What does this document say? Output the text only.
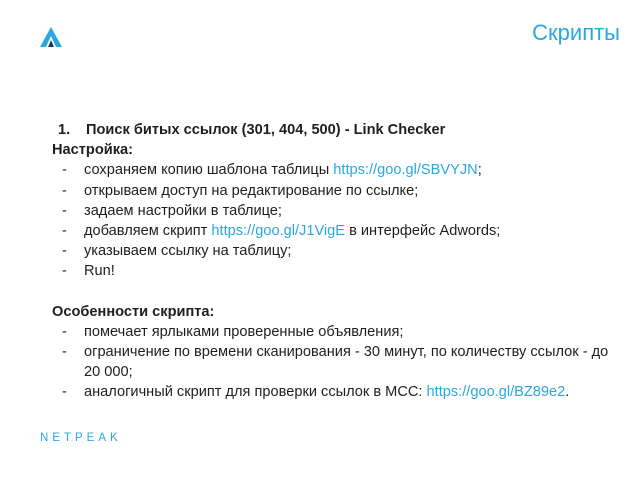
Скрипты
1. Поиск битых ссылок (301, 404, 500) - Link Checker
Настройка:
- сохраняем копию шаблона таблицы https://goo.gl/SBVYJN;
- открываем доступ на редактирование по ссылке;
- задаем настройки в таблице;
- добавляем скрипт https://goo.gl/J1VigE в интерфейс Adwords;
- указываем ссылку на таблицу;
- Run!
Особенности скрипта:
- помечает ярлыками проверенные объявления;
- ограничение по времени сканирования - 30 минут, по количеству ссылок - до 20 000;
- аналогичный скрипт для проверки ссылок в MCC: https://goo.gl/BZ89e2.
NETPEAK
